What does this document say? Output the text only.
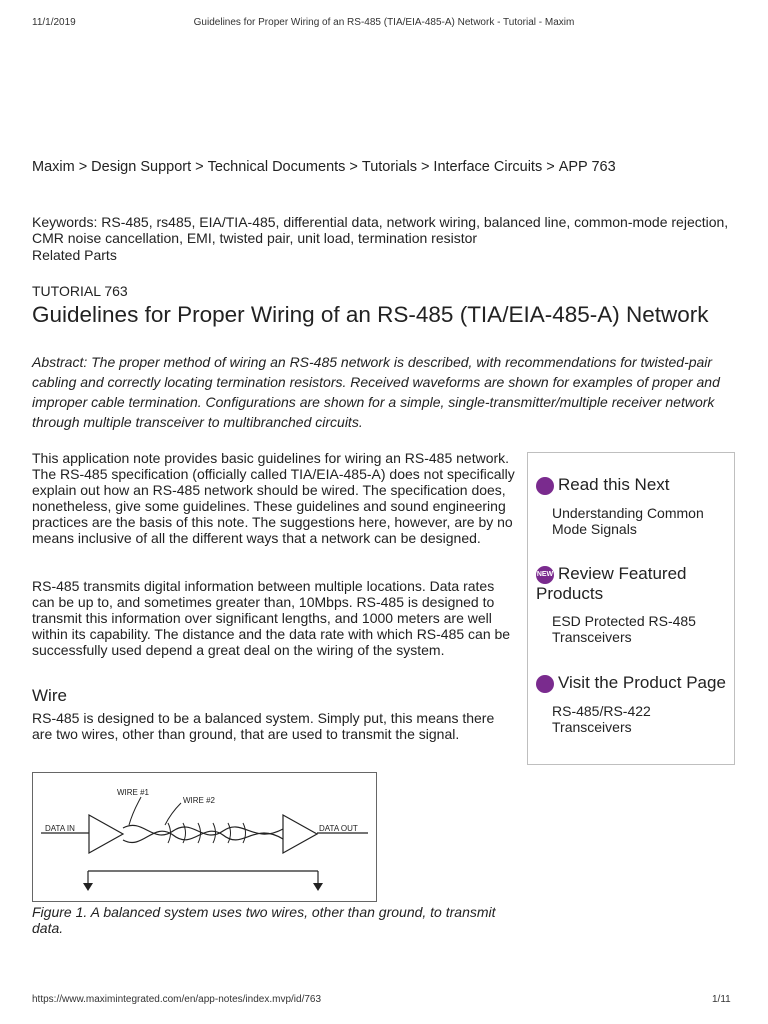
11/1/2019	Guidelines for Proper Wiring of an RS-485 (TIA/EIA-485-A) Network - Tutorial - Maxim
Maxim > Design Support > Technical Documents > Tutorials > Interface Circuits > APP 763
Keywords: RS-485, rs485, EIA/TIA-485, differential data, network wiring, balanced line, common-mode rejection, CMR noise cancellation, EMI, twisted pair, unit load, termination resistor
Related Parts
TUTORIAL 763
Guidelines for Proper Wiring of an RS-485 (TIA/EIA-485-A) Network
Abstract: The proper method of wiring an RS-485 network is described, with recommendations for twisted-pair cabling and correctly locating termination resistors. Received waveforms are shown for examples of proper and improper cable termination. Configurations are shown for a simple, single-transmitter/multiple receiver network through multiple transceiver to multibranched circuits.
This application note provides basic guidelines for wiring an RS-485 network. The RS-485 specification (officially called TIA/EIA-485-A) does not specifically explain out how an RS-485 network should be wired. The specification does, nonetheless, give some guidelines. These guidelines and sound engineering practices are the basis of this note. The suggestions here, however, are by no means inclusive of all the different ways that a network can be designed.
RS-485 transmits digital information between multiple locations. Data rates can be up to, and sometimes greater than, 10Mbps. RS-485 is designed to transmit this information over significant lengths, and 1000 meters are well within its capability. The distance and the data rate with which RS-485 can be successfully used depend a great deal on the wiring of the system.
Wire
RS-485 is designed to be a balanced system. Simply put, this means there are two wires, other than ground, that are used to transmit the signal.
Read this Next
Understanding Common Mode Signals
NEW Review Featured Products
ESD Protected RS-485 Transceivers
Visit the Product Page
RS-485/RS-422 Transceivers
WIRE #1
WIRE #2
DATA IN	DATA OUT
Figure 1. A balanced system uses two wires, other than ground, to transmit data.
https://www.maximintegrated.com/en/app-notes/index.mvp/id/763	1/11
